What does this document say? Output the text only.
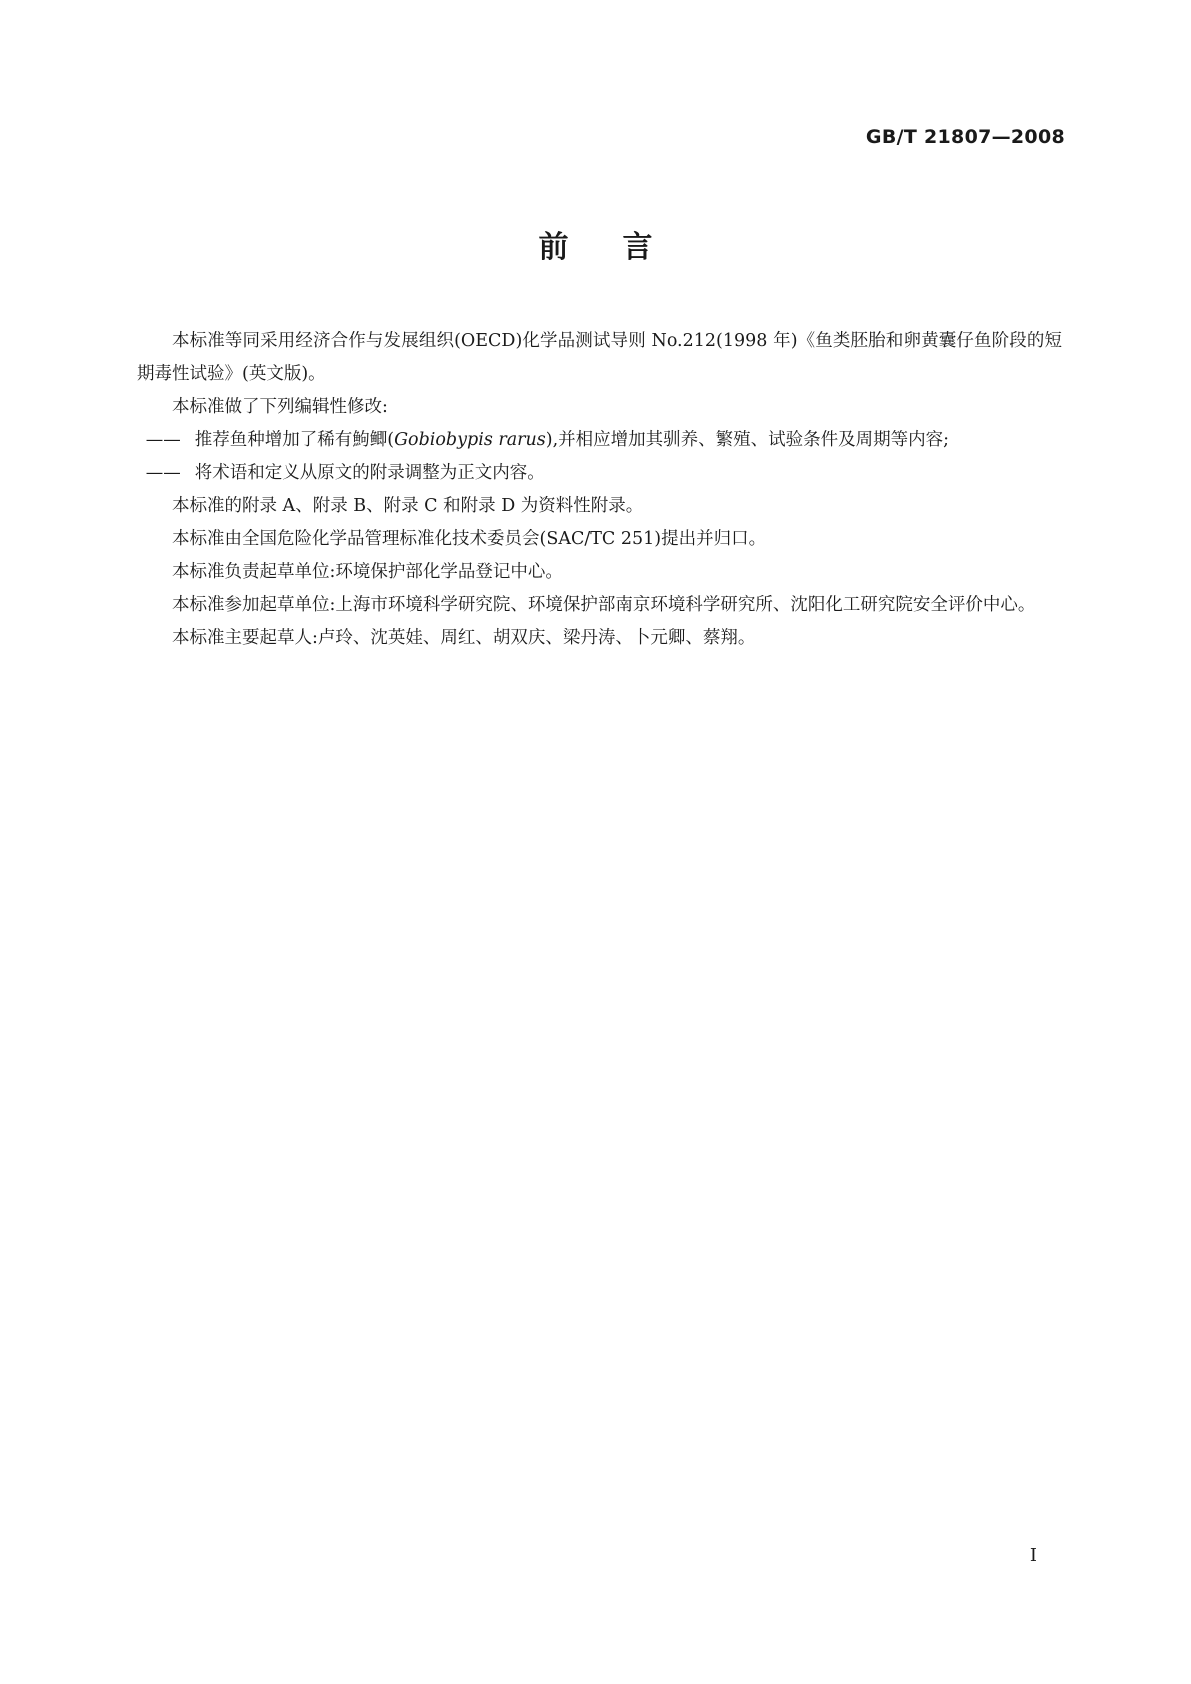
GB/T 21807—2008
前言

本标准等同采用经济合作与发展组织(OECD)化学品测试导则 No.212(1998 年)《鱼类胚胎和卵黄囊仔鱼阶段的短期毒性试验》(英文版)。

本标准做了下列编辑性修改:

—— 推荐鱼种增加了稀有鮈鲫(Gobiobypis rarus),并相应增加其驯养、繁殖、试验条件及周期等内容;

—— 将术语和定义从原文的附录调整为正文内容。

本标准的附录 A、附录 B、附录 C 和附录 D 为资料性附录。

本标准由全国危险化学品管理标准化技术委员会(SAC/TC 251)提出并归口。

本标准负责起草单位:环境保护部化学品登记中心。

本标准参加起草单位:上海市环境科学研究院、环境保护部南京环境科学研究所、沈阳化工研究院安全评价中心。

本标准主要起草人:卢玲、沈英娃、周红、胡双庆、梁丹涛、卜元卿、蔡翔。

I
